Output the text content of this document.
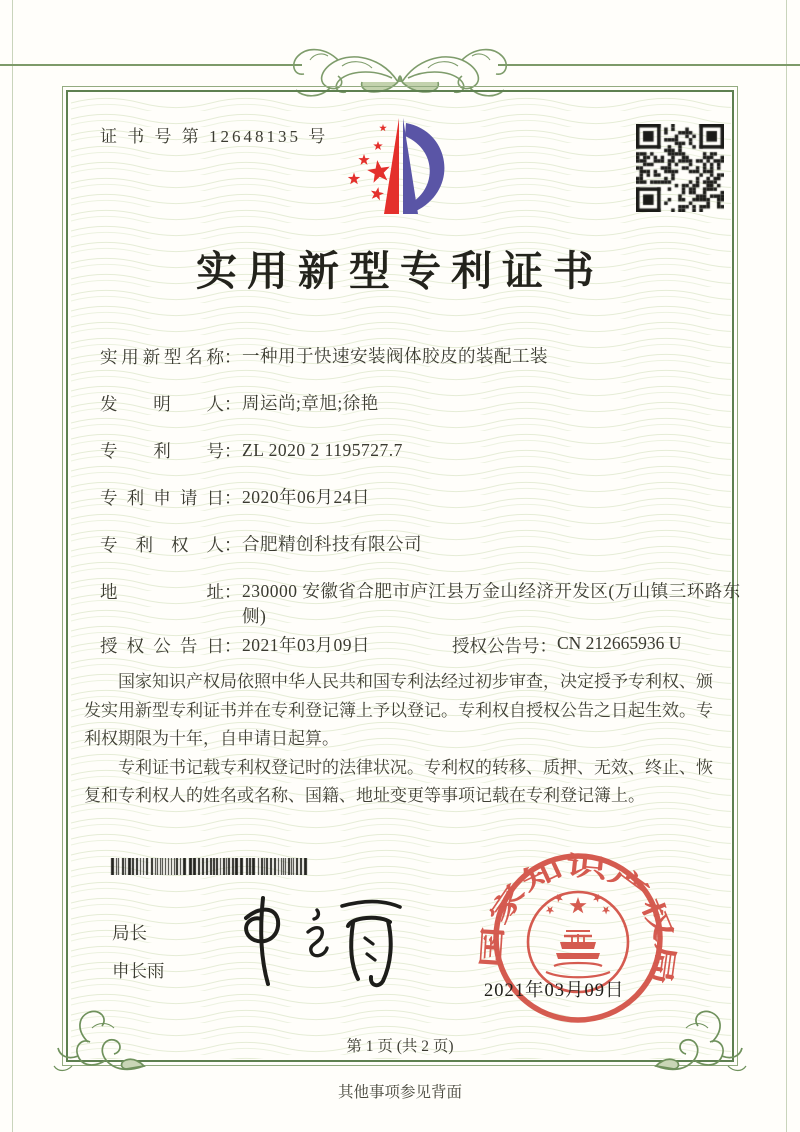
证 书 号 第 12648135 号
实用新型专利证书
实用新型名称 ： 一种用于快速安装阀体胶皮的装配工装
发明人 ： 周运尚;章旭;徐艳
专利号 ： ZL 2020 2 1195727.7
专利申请日 ： 2020年06月24日
专利权人 ： 合肥精创科技有限公司
地址 ： 230000 安徽省合肥市庐江县万金山经济开发区(万山镇三环路东侧)
授权公告日 ： 2021年03月09日	授权公告号 ： CN 212665936 U

国家知识产权局依照中华人民共和国专利法经过初步审查，决定授予专利权、颁发实用新型专利证书并在专利登记簿上予以登记。专利权自授权公告之日起生效。专利权期限为十年，自申请日起算。

专利证书记载专利权登记时的法律状况。专利权的转移、质押、无效、终止、恢复和专利权人的姓名或名称、国籍、地址变更等事项记载在专利登记簿上。

局长
申长雨
国家知识产权局
2021年03月09日
第 1 页 (共 2 页)
其他事项参见背面
